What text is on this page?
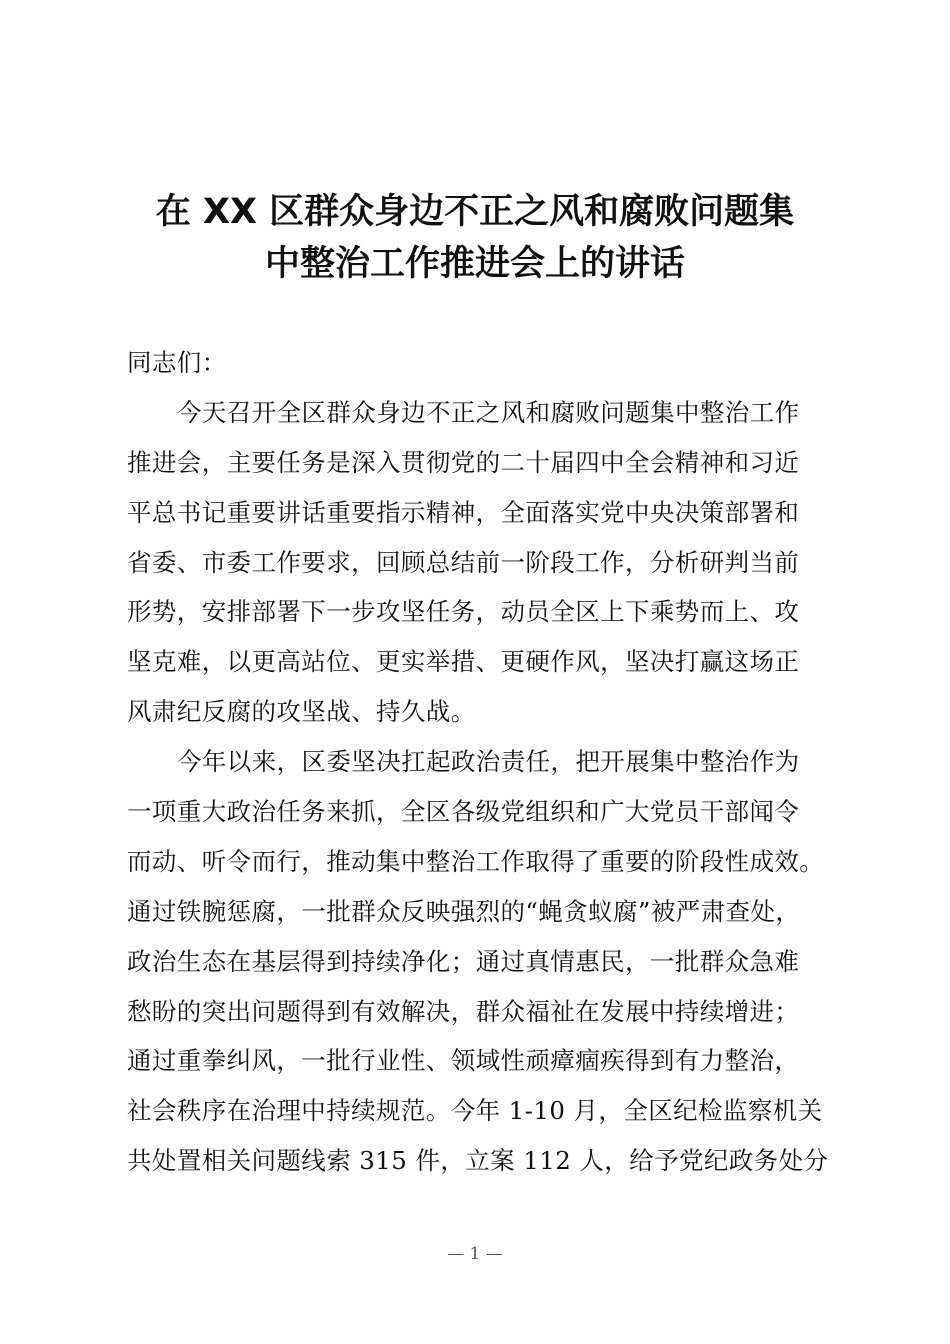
在 XX 区群众身边不正之风和腐败问题集
中整治工作推进会上的讲话
同志们：
今天召开全区群众身边不正之风和腐败问题集中整治工作
推进会，主要任务是深入贯彻党的二十届四中全会精神和习近
平总书记重要讲话重要指示精神，全面落实党中央决策部署和
省委、市委工作要求，回顾总结前一阶段工作，分析研判当前
形势，安排部署下一步攻坚任务，动员全区上下乘势而上、攻
坚克难，以更高站位、更实举措、更硬作风，坚决打赢这场正
风肃纪反腐的攻坚战、持久战。
今年以来，区委坚决扛起政治责任，把开展集中整治作为
一项重大政治任务来抓，全区各级党组织和广大党员干部闻令
而动、听令而行，推动集中整治工作取得了重要的阶段性成效。
通过铁腕惩腐，一批群众反映强烈的“蝇贪蚁腐”被严肃查处，
政治生态在基层得到持续净化；通过真情惠民，一批群众急难
愁盼的突出问题得到有效解决，群众福祉在发展中持续增进；
通过重拳纠风，一批行业性、领域性顽瘴痼疾得到有力整治，
社会秩序在治理中持续规范。今年 1-10 月，全区纪检监察机关
共处置相关问题线索 315 件，立案 112 人，给予党纪政务处分
— 1 —
